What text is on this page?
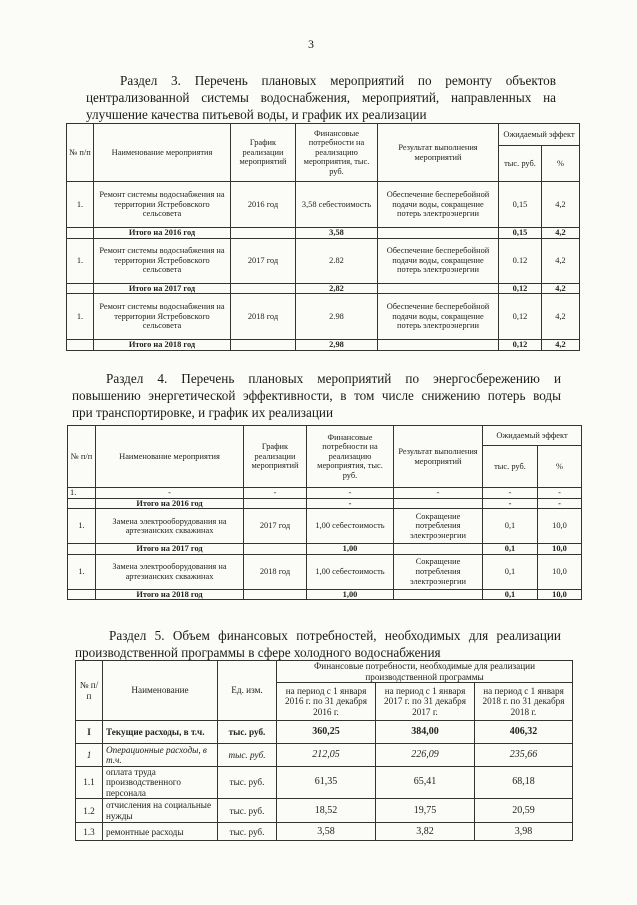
3
Раздел 3. Перечень плановых мероприятий по ремонту объектов
централизованной системы водоснабжения, мероприятий, направленных на
улучшение качества питьевой воды, и график их реализации
№ п/п	Наименование мероприятия	График реализации мероприятий	Финансовые потребности на реализацию мероприятия, тыс. руб.	Результат выполнения мероприятий	Ожидаемый эффект	
					тыс. руб.	%
1.	Ремонт системы водоснабжения на территории Ястребовского сельсовета	2016 год	3,58 себестоимость	Обеспечение бесперебойной подачи воды, сокращение потерь электроэнергии	0,15	4,2
	Итого на 2016 год		3,58		0,15	4,2
1.	Ремонт системы водоснабжения на территории Ястребовского сельсовета	2017 год	2.82	Обеспечение бесперебойной подачи воды, сокращение потерь электроэнергии	0.12	4,2
	Итого на 2017 год		2,82		0,12	4,2
1.	Ремонт системы водоснабжения на территории Ястребовского сельсовета	2018 год	2.98	Обеспечение бесперебойной подачи воды, сокращение потерь электроэнергии	0,12	4,2
	Итого на 2018 год		2,98		0,12	4,2
Раздел 4. Перечень плановых мероприятий по энергосбережению и
повышению энергетической эффективности, в том числе снижению потерь воды
при транспортировке, и график их реализации
№ п/п	Наименование мероприятия	График реализации мероприятий	Финансовые потребности на реализацию мероприятия, тыс. руб.	Результат выполнения мероприятий	Ожидаемый эффект	
					тыс. руб.	%
1.	-	-	-	-	-	-
	Итого на 2016 год		-		-	-
1.	Замена электрооборудования на артезианских скважинах	2017 год	1,00 себестоимость	Сокращение потребления электроэнергии	0,1	10,0
	Итого на 2017 год		1,00		0,1	10,0
1.	Замена электрооборудования на артезианских скважинах	2018 год	1,00 себестоимость	Сокращение потребления электроэнергии	0,1	10,0
	Итого на 2018 год		1,00		0,1	10,0
Раздел 5. Объем финансовых потребностей, необходимых для реализации
производственной программы в сфере холодного водоснабжения
№ п/п	Наименование	Ед. изм.	Финансовые потребности, необходимые для реализации производственной программы		
			на период с 1 января 2016 г. по 31 декабря 2016 г.	на период с 1 января 2017 г. по 31 декабря 2017 г.	на период с 1 января 2018 г. по 31 декабря 2018 г.
I	Текущие расходы, в т.ч.	тыс. руб.	360,25	384,00	406,32
1	Операционные расходы, в т.ч.	тыс. руб.	212,05	226,09	235,66
1.1	оплата труда производственного персонала	тыс. руб.	61,35	65,41	68,18
1.2	отчисления на социальные нужды	тыс. руб.	18,52	19,75	20,59
1.3	ремонтные расходы	тыс. руб.	3,58	3,82	3,98
